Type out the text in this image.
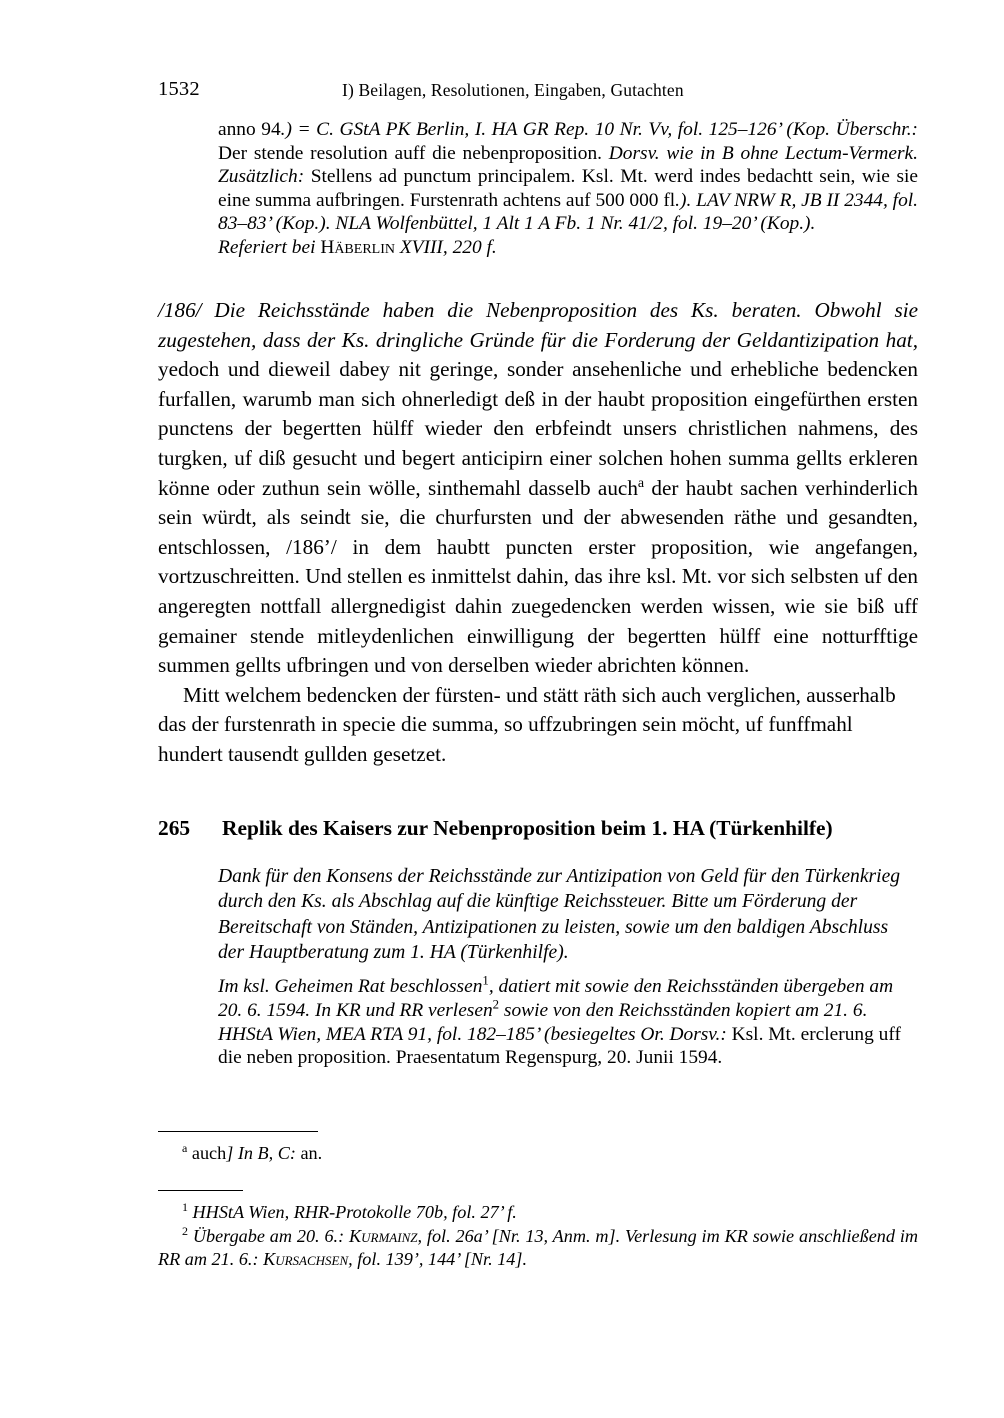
1532	I) Beilagen, Resolutionen, Eingaben, Gutachten

anno 94.) = C. GStA PK Berlin, I. HA GR Rep. 10 Nr. Vv, fol. 125–126’ (Kop. Überschr.: Der stende resolution auff die nebenproposition. Dorsv. wie in B ohne Lectum-Vermerk. Zusätzlich: Stellens ad punctum principalem. Ksl. Mt. werd indes bedachtt sein, wie sie eine summa aufbringen. Furstenrath achtens auf 500 000 fl.). LAV NRW R, JB II 2344, fol. 83–83’ (Kop.). NLA Wolfenbüttel, 1 Alt 1 A Fb. 1 Nr. 41/2, fol. 19–20’ (Kop.).

Referiert bei Häberlin XVIII, 220 f.

/186/ Die Reichsstände haben die Nebenproposition des Ks. beraten. Obwohl sie zugestehen, dass der Ks. dringliche Gründe für die Forderung der Geldantizipation hat, yedoch und dieweil dabey nit geringe, sonder ansehenliche und erhebliche bedencken furfallen, warumb man sich ohnerledigt deß in der haubt proposition eingefürthen ersten punctens der begertten hülff wieder den erbfeindt unsers christlichen nahmens, des turgken, uf diß gesucht und begert anticipirn einer solchen hohen summa gellts erkleren könne oder zuthun sein wölle, sinthemahl dasselb auch$^a$ der haubt sachen verhinderlich sein würdt, als seindt sie, die churfursten und der abwesenden räthe und gesandten, entschlossen, /186’/ in dem haubtt puncten erster proposition, wie angefangen, vortzuschreitten. Und stellen es inmittelst dahin, das ihre ksl. Mt. vor sich selbsten uf den angeregten nottfall allergnedigist dahin zuegedencken werden wissen, wie sie biß uff gemainer stende mitleydenlichen einwilligung der begertten hülff eine notturfftige summen gellts ufbringen und von derselben wieder abrichten können.

Mitt welchem bedencken der fürsten- und stätt räth sich auch verglichen, ausserhalb das der furstenrath in specie die summa, so uffzubringen sein möcht, uf funffmahl hundert tausendt gullden gesetzet.

265 Replik des Kaisers zur Nebenproposition beim 1. HA (Türkenhilfe)

Dank für den Konsens der Reichsstände zur Antizipation von Geld für den Türkenkrieg durch den Ks. als Abschlag auf die künftige Reichssteuer. Bitte um Förderung der Bereitschaft von Ständen, Antizipationen zu leisten, sowie um den baldigen Abschluss der Hauptberatung zum 1. HA (Türkenhilfe).

Im ksl. Geheimen Rat beschlossen$^1$, datiert mit sowie den Reichsständen übergeben am 20. 6. 1594. In KR und RR verlesen$^2$ sowie von den Reichsständen kopiert am 21. 6.

HHStA Wien, MEA RTA 91, fol. 182–185’ (besiegeltes Or. Dorsv.: Ksl. Mt. erclerung uff die neben proposition. Praesentatum Regenspurg, 20. Junii 1594.

$^a$ auch] In B, C: an.
$^1$ HHStA Wien, RHR-Protokolle 70b, fol. 27’ f.
$^2$ Übergabe am 20. 6.: Kurmainz, fol. 26a’ [Nr. 13, Anm. m]. Verlesung im KR sowie anschließend im RR am 21. 6.: Kursachsen, fol. 139’, 144’ [Nr. 14].
